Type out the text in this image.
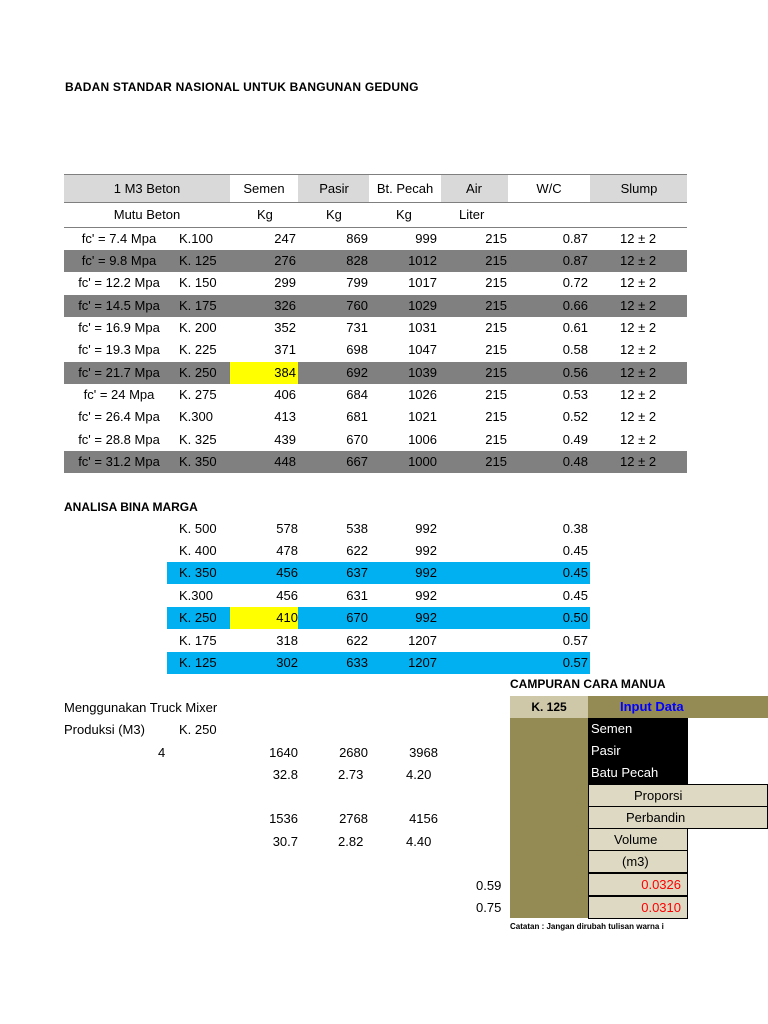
BADAN STANDAR NASIONAL UNTUK BANGUNAN GEDUNG
1 M3 Beton	Semen	Pasir	Bt. Pecah	Air	W/C	Slump
Mutu Beton	Kg	Kg	Kg	Liter
fc' = 7.4 Mpa	K.100	247	869	999	215	0.87 12 ± 2
fc' = 9.8 Mpa	K. 125	276	828	1012	215	0.87 12 ± 2
fc' = 12.2 Mpa	K. 150	299	799	1017	215	0.72 12 ± 2
fc' = 14.5 Mpa	K. 175	326	760	1029	215	0.66 12 ± 2
fc' = 16.9 Mpa	K. 200	352	731	1031	215	0.61 12 ± 2
fc' = 19.3 Mpa	K. 225	371	698	1047	215	0.58 12 ± 2
fc' = 21.7 Mpa	K. 250	384	692	1039	215	0.56 12 ± 2
fc' = 24 Mpa	K. 275	406	684	1026	215	0.53 12 ± 2
fc' = 26.4 Mpa	K.300	413	681	1021	215	0.52 12 ± 2
fc' = 28.8 Mpa	K. 325	439	670	1006	215	0.49 12 ± 2
fc' = 31.2 Mpa	K. 350	448	667	1000	215	0.48 12 ± 2
ANALISA BINA MARGA
K. 500	578	538	992	0.38
K. 400	478	622	992	0.45
K. 350	456	637	992	0.45
K.300	456	631	992	0.45
K. 250	410	670	992	0.50
K. 175	318	622	1207	0.57
K. 125	302	633	1207	0.57
CAMPURAN CARA MANUA
Menggunakan Truck Mixer
Produksi (M3)	K. 250
4	1640	2680	3968
32.8	2.73	4.20
1536	2768	4156
30.7	2.82	4.40
0.59
0.75
K. 125	Input Data
Semen
Pasir
Batu Pecah
Proporsi
Perbandin
Volume
(m3)
0.0326
0.0310
Catatan : Jangan dirubah tulisan warna i
